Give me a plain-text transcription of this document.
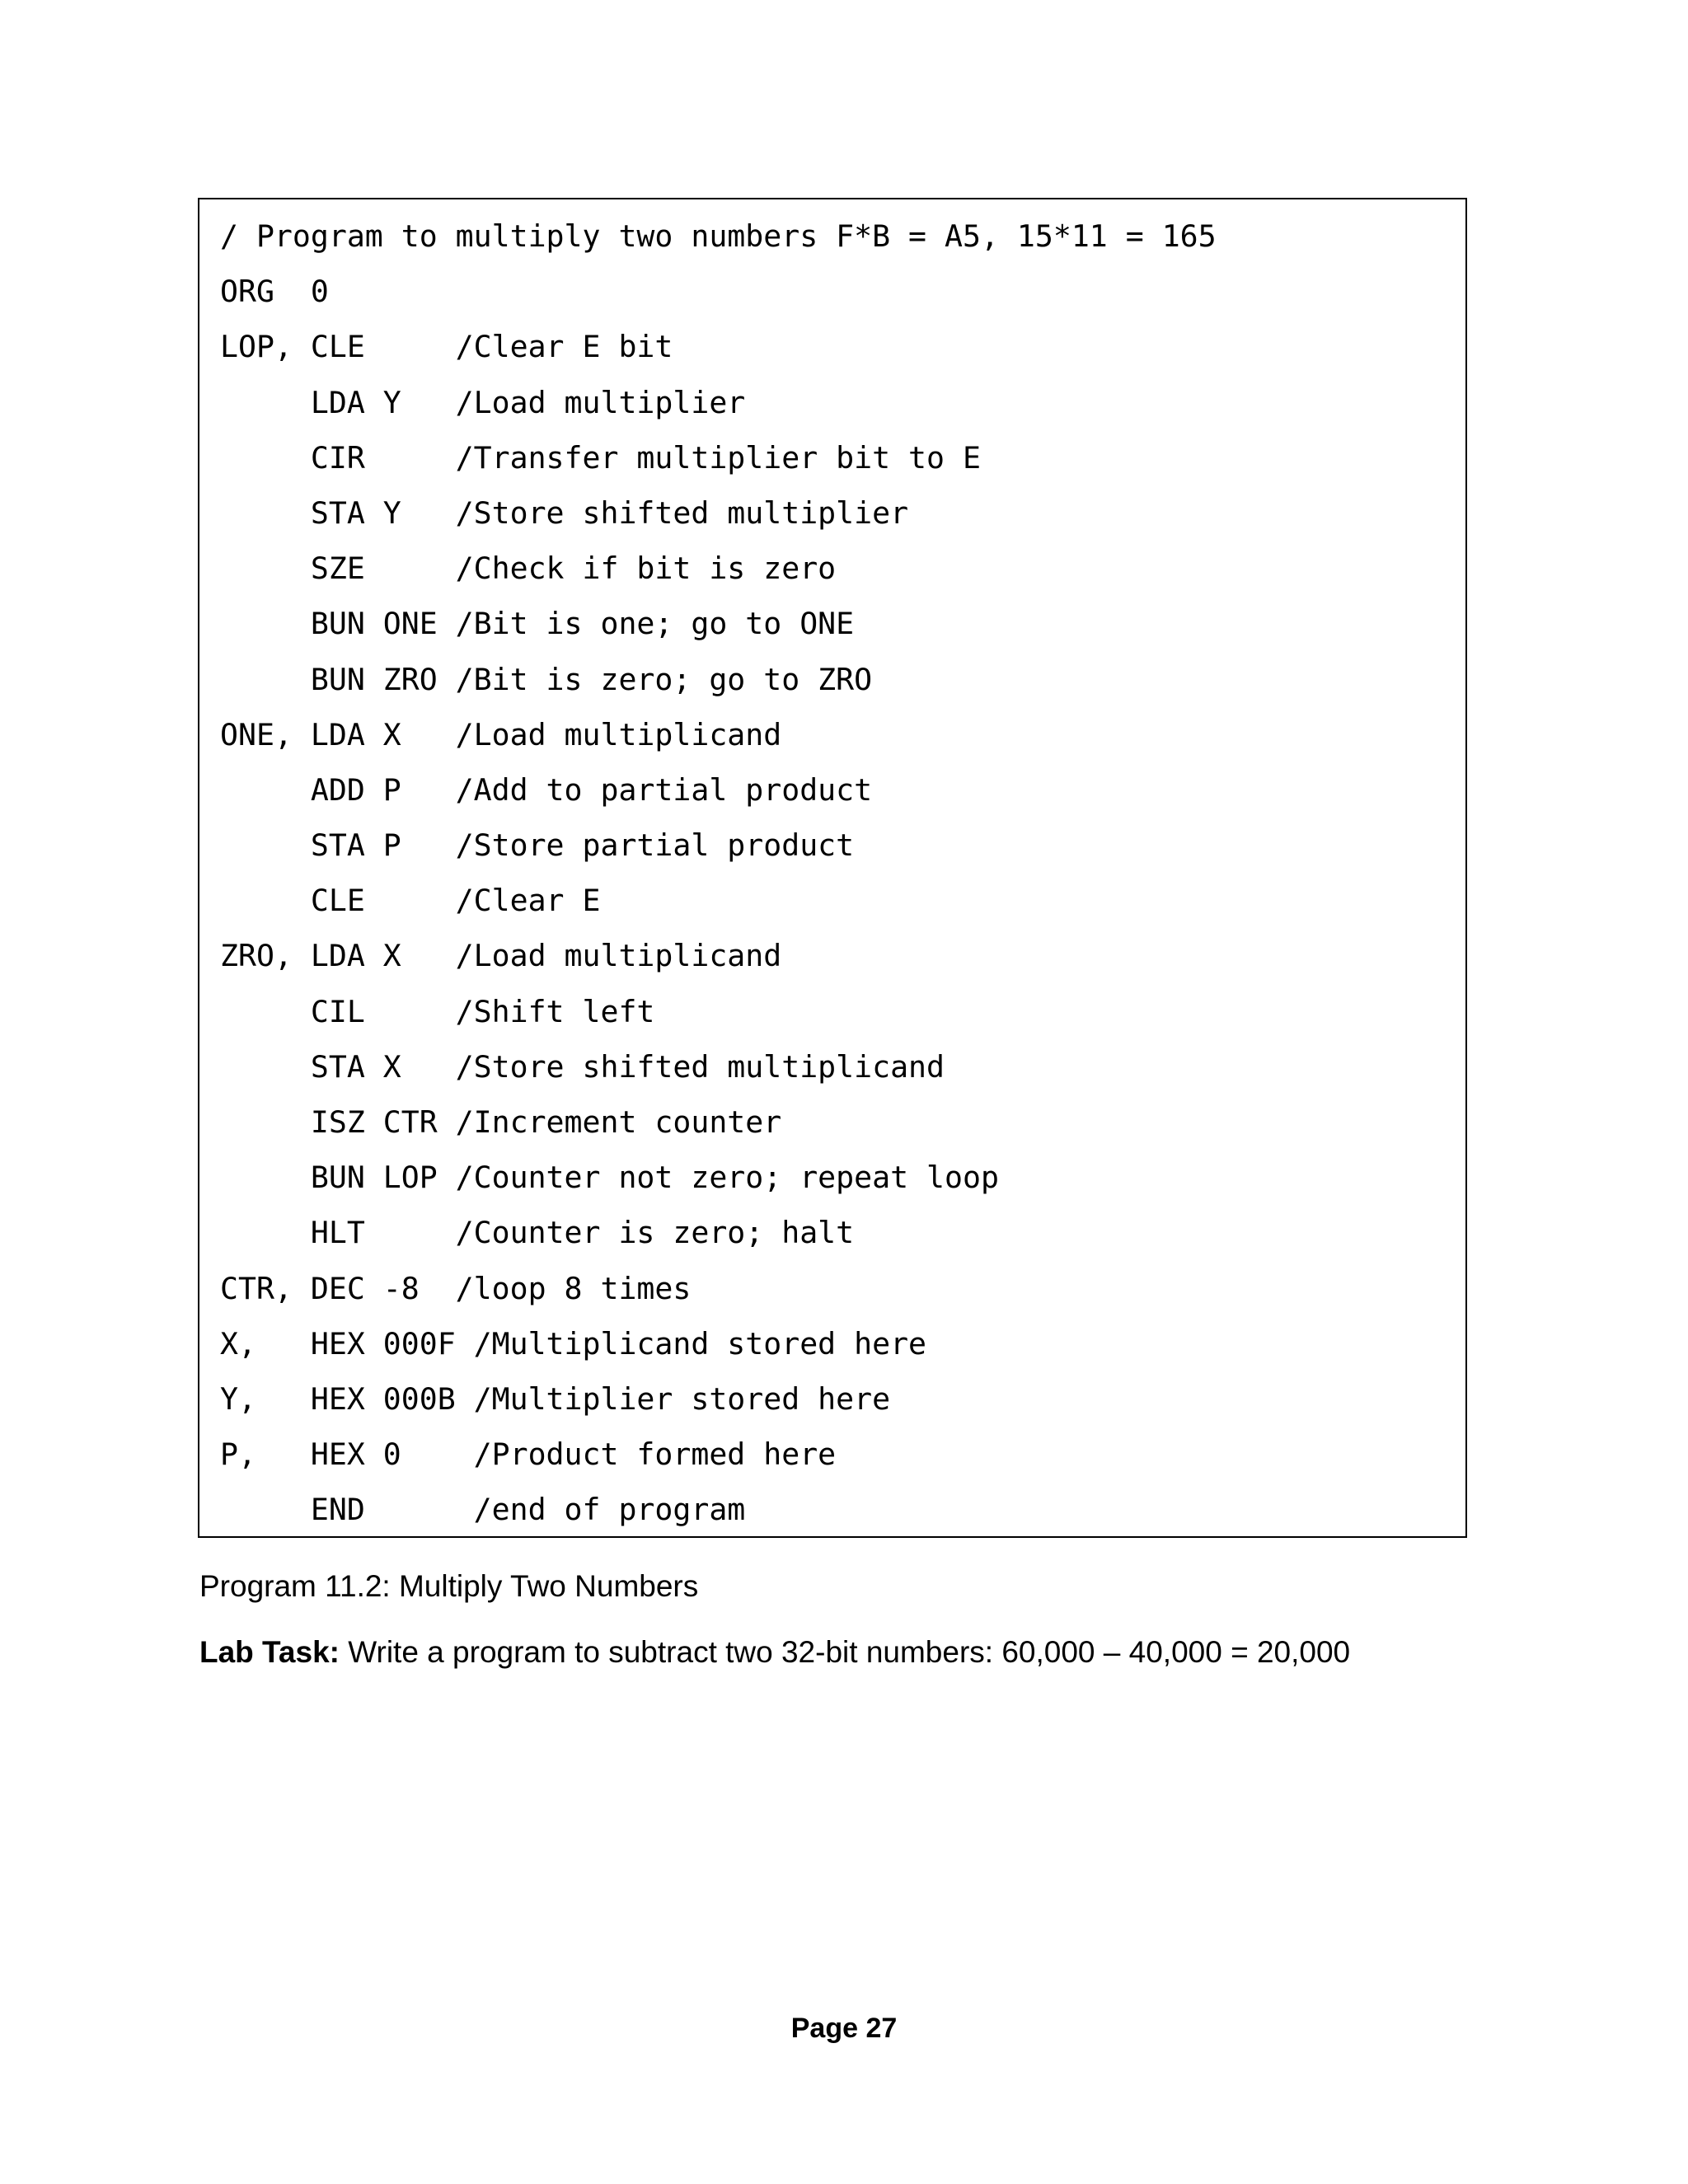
/ Program to multiply two numbers F*B = A5, 15*11 = 165
ORG  0
LOP, CLE     /Clear E bit
LDA Y   /Load multiplier
CIR     /Transfer multiplier bit to E
STA Y   /Store shifted multiplier
SZE     /Check if bit is zero
BUN ONE /Bit is one; go to ONE
BUN ZRO /Bit is zero; go to ZRO
ONE, LDA X   /Load multiplicand
ADD P   /Add to partial product
STA P   /Store partial product
CLE     /Clear E
ZRO, LDA X   /Load multiplicand
CIL     /Shift left
STA X   /Store shifted multiplicand
ISZ CTR /Increment counter
BUN LOP /Counter not zero; repeat loop
HLT     /Counter is zero; halt
CTR, DEC -8  /loop 8 times
X,   HEX 000F /Multiplicand stored here
Y,   HEX 000B /Multiplier stored here
P,   HEX 0    /Product formed here
END      /end of program
Program 11.2: Multiply Two Numbers
Lab Task: Write a program to subtract two 32-bit numbers: 60,000 – 40,000 = 20,000
Page 27
